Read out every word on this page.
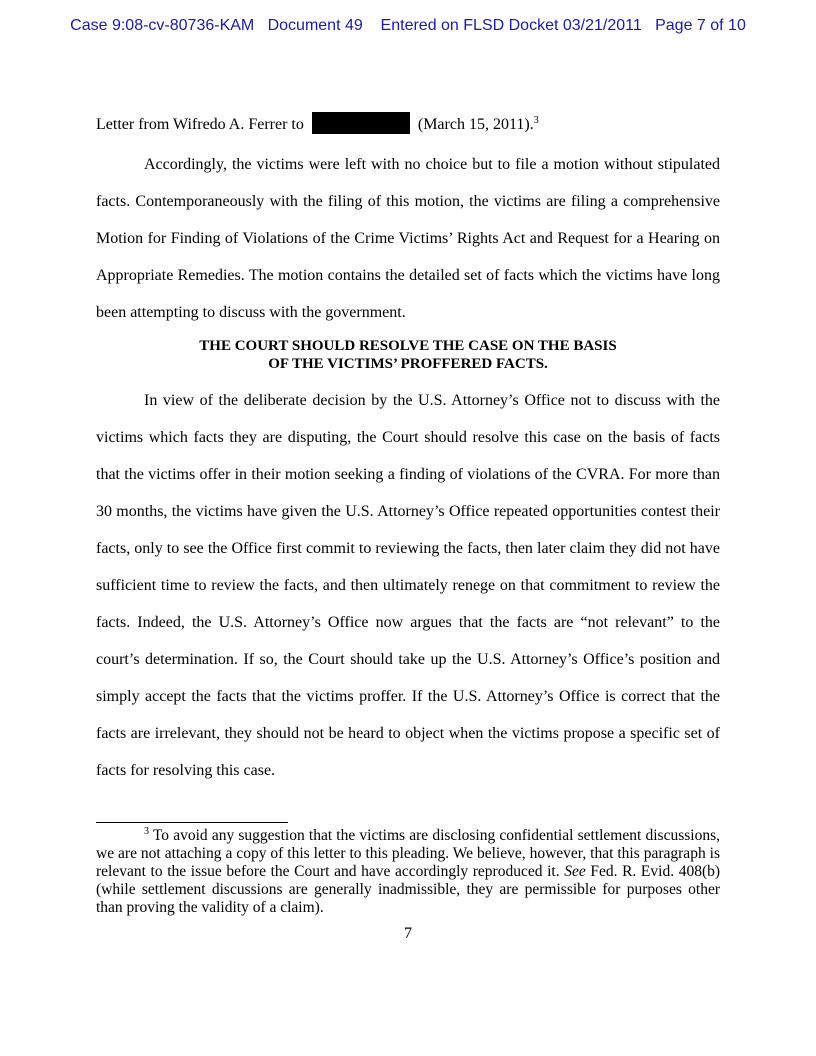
Case 9:08-cv-80736-KAM Document 49 Entered on FLSD Docket 03/21/2011 Page 7 of 10
Letter from Wifredo A. Ferrer to	(March 15, 2011).$^3$

Accordingly, the victims were left with no choice but to file a motion without stipulated facts. Contemporaneously with the filing of this motion, the victims are filing a comprehensive Motion for Finding of Violations of the Crime Victims’ Rights Act and Request for a Hearing on Appropriate Remedies. The motion contains the detailed set of facts which the victims have long been attempting to discuss with the government.

THE COURT SHOULD RESOLVE THE CASE ON THE BASIS
OF THE VICTIMS’ PROFFERED FACTS.

In view of the deliberate decision by the U.S. Attorney’s Office not to discuss with the victims which facts they are disputing, the Court should resolve this case on the basis of facts that the victims offer in their motion seeking a finding of violations of the CVRA. For more than 30 months, the victims have given the U.S. Attorney’s Office repeated opportunities contest their facts, only to see the Office first commit to reviewing the facts, then later claim they did not have sufficient time to review the facts, and then ultimately renege on that commitment to review the facts. Indeed, the U.S. Attorney’s Office now argues that the facts are “not relevant” to the court’s determination. If so, the Court should take up the U.S. Attorney’s Office’s position and simply accept the facts that the victims proffer. If the U.S. Attorney’s Office is correct that the facts are irrelevant, they should not be heard to object when the victims propose a specific set of facts for resolving this case.

$^3$ To avoid any suggestion that the victims are disclosing confidential settlement discussions, we are not attaching a copy of this letter to this pleading. We believe, however, that this paragraph is relevant to the issue before the Court and have accordingly reproduced it. See Fed. R. Evid. 408(b) (while settlement discussions are generally inadmissible, they are permissible for purposes other than proving the validity of a claim).
7
